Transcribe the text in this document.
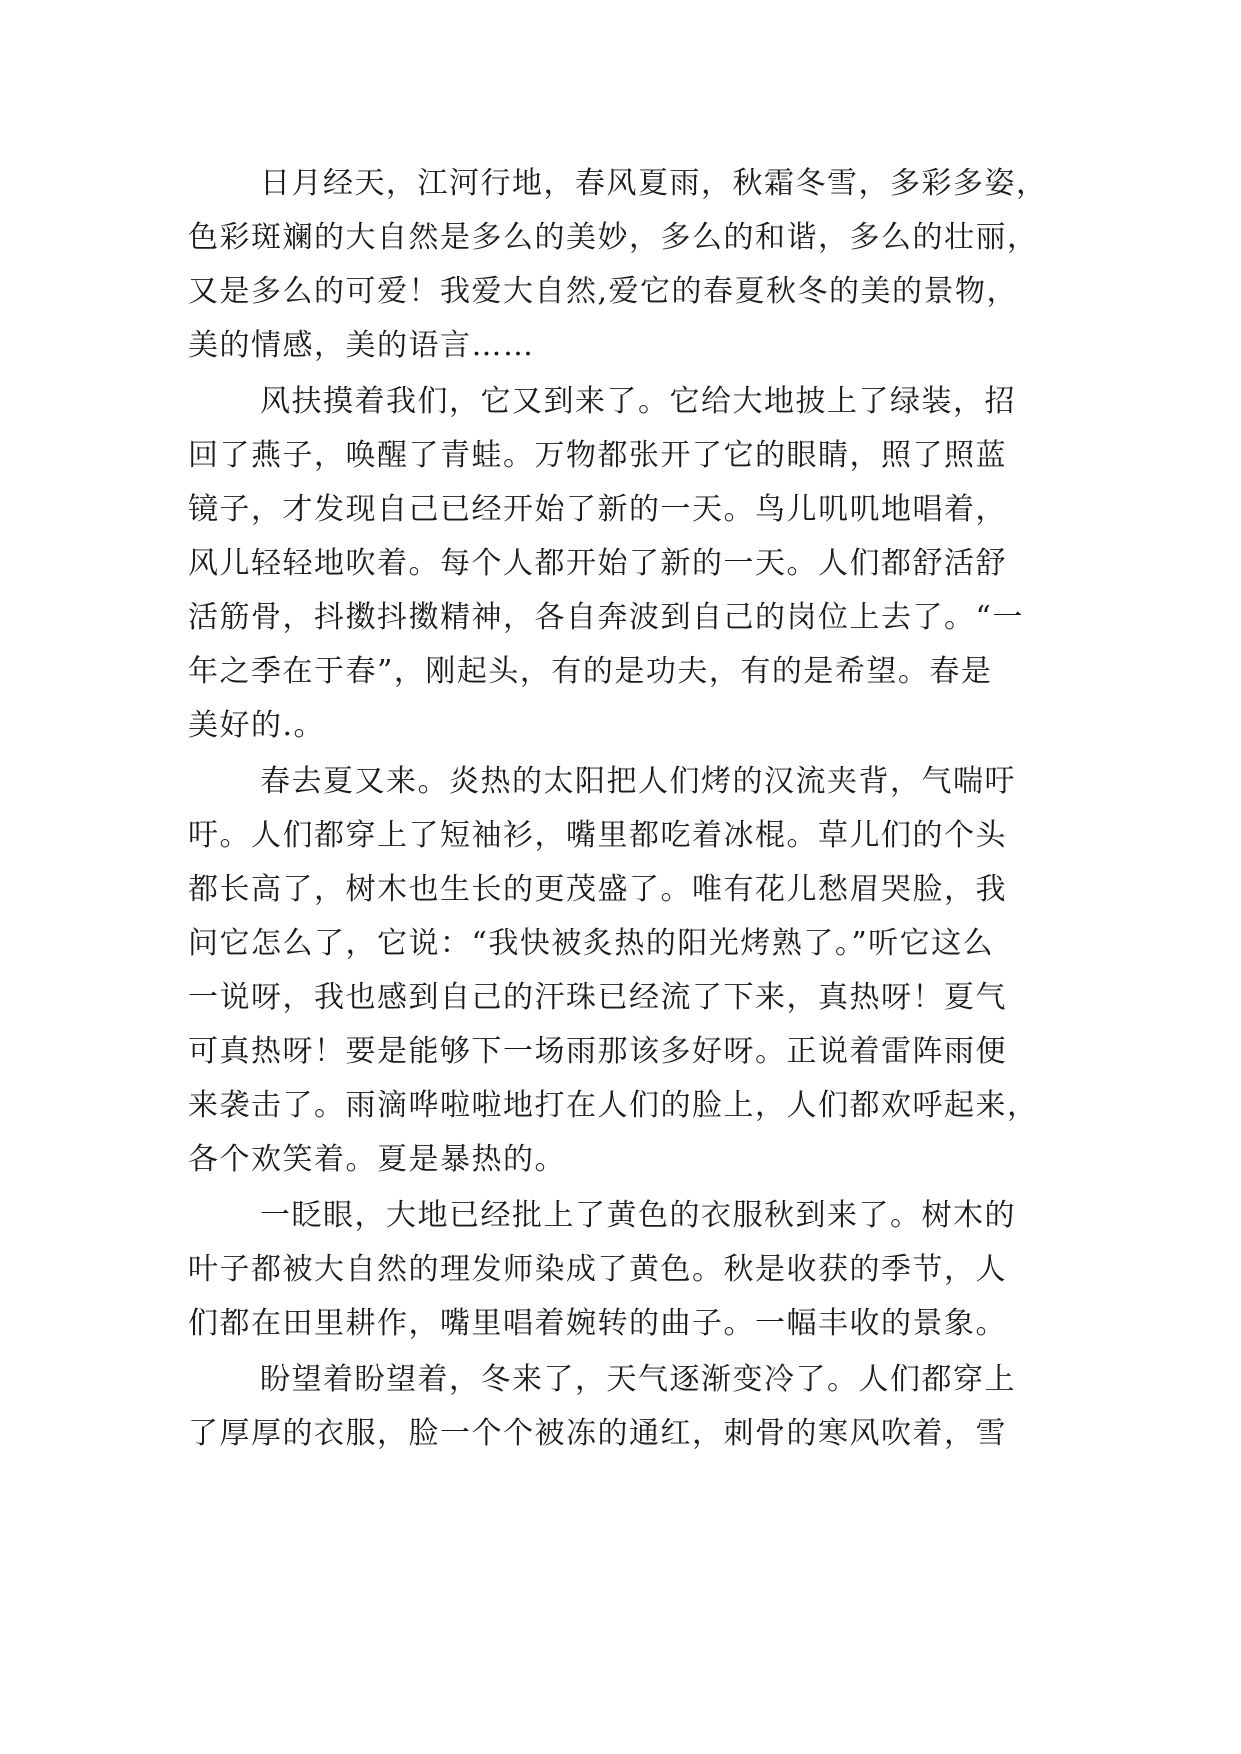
日月经天，江河行地，春风夏雨，秋霜冬雪，多彩多姿，
色彩斑斓的大自然是多么的美妙，多么的和谐，多么的壮丽，
又是多么的可爱！我爱大自然,爱它的春夏秋冬的美的景物，
美的情感，美的语言……
风扶摸着我们，它又到来了。它给大地披上了绿装，招
回了燕子，唤醒了青蛙。万物都张开了它的眼睛，照了照蓝
镜子，才发现自己已经开始了新的一天。鸟儿叽叽地唱着，
风儿轻轻地吹着。每个人都开始了新的一天。人们都舒活舒
活筋骨，抖擞抖擞精神，各自奔波到自己的岗位上去了。“一
年之季在于春”，刚起头，有的是功夫，有的是希望。春是
美好的.。
春去夏又来。炎热的太阳把人们烤的汉流夹背，气喘吁
吁。人们都穿上了短袖衫，嘴里都吃着冰棍。草儿们的个头
都长高了，树木也生长的更茂盛了。唯有花儿愁眉哭脸，我
问它怎么了，它说：“我快被炙热的阳光烤熟了。”听它这么
一说呀，我也感到自己的汗珠已经流了下来，真热呀！夏气
可真热呀！要是能够下一场雨那该多好呀。正说着雷阵雨便
来袭击了。雨滴哗啦啦地打在人们的脸上，人们都欢呼起来，
各个欢笑着。夏是暴热的。
一眨眼，大地已经批上了黄色的衣服秋到来了。树木的
叶子都被大自然的理发师染成了黄色。秋是收获的季节，人
们都在田里耕作，嘴里唱着婉转的曲子。一幅丰收的景象。
盼望着盼望着，冬来了，天气逐渐变冷了。人们都穿上
了厚厚的衣服，脸一个个被冻的通红，刺骨的寒风吹着，雪
